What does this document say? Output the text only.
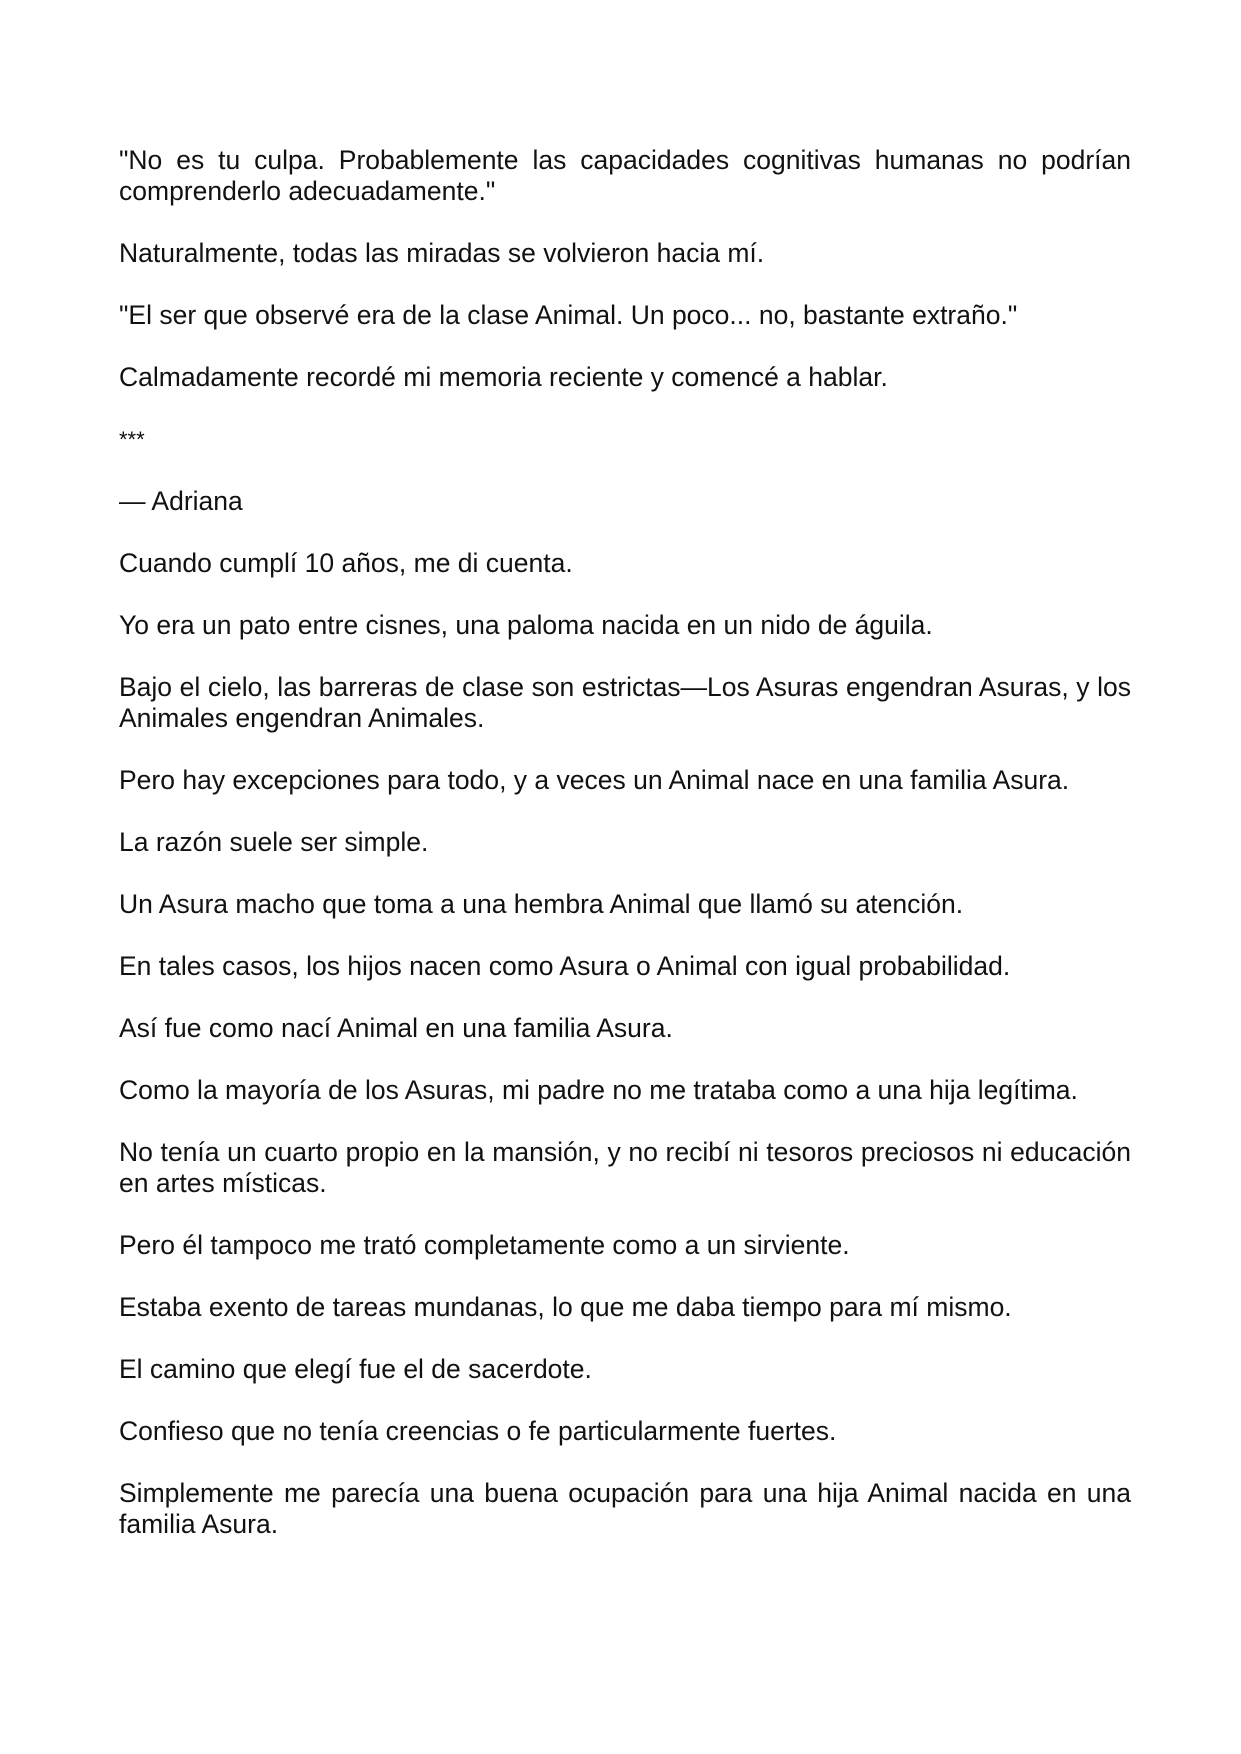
"No es tu culpa. Probablemente las capacidades cognitivas humanas no podrían comprenderlo adecuadamente."

Naturalmente, todas las miradas se volvieron hacia mí.

"El ser que observé era de la clase Animal. Un poco... no, bastante extraño."

Calmadamente recordé mi memoria reciente y comencé a hablar.

***

— Adriana

Cuando cumplí 10 años, me di cuenta.

Yo era un pato entre cisnes, una paloma nacida en un nido de águila.

Bajo el cielo, las barreras de clase son estrictas—Los Asuras engendran Asuras, y los Animales engendran Animales.

Pero hay excepciones para todo, y a veces un Animal nace en una familia Asura.

La razón suele ser simple.

Un Asura macho que toma a una hembra Animal que llamó su atención.

En tales casos, los hijos nacen como Asura o Animal con igual probabilidad.

Así fue como nací Animal en una familia Asura.

Como la mayoría de los Asuras, mi padre no me trataba como a una hija legítima.

No tenía un cuarto propio en la mansión, y no recibí ni tesoros preciosos ni educación en artes místicas.

Pero él tampoco me trató completamente como a un sirviente.

Estaba exento de tareas mundanas, lo que me daba tiempo para mí mismo.

El camino que elegí fue el de sacerdote.

Confieso que no tenía creencias o fe particularmente fuertes.

Simplemente me parecía una buena ocupación para una hija Animal nacida en una familia Asura.
